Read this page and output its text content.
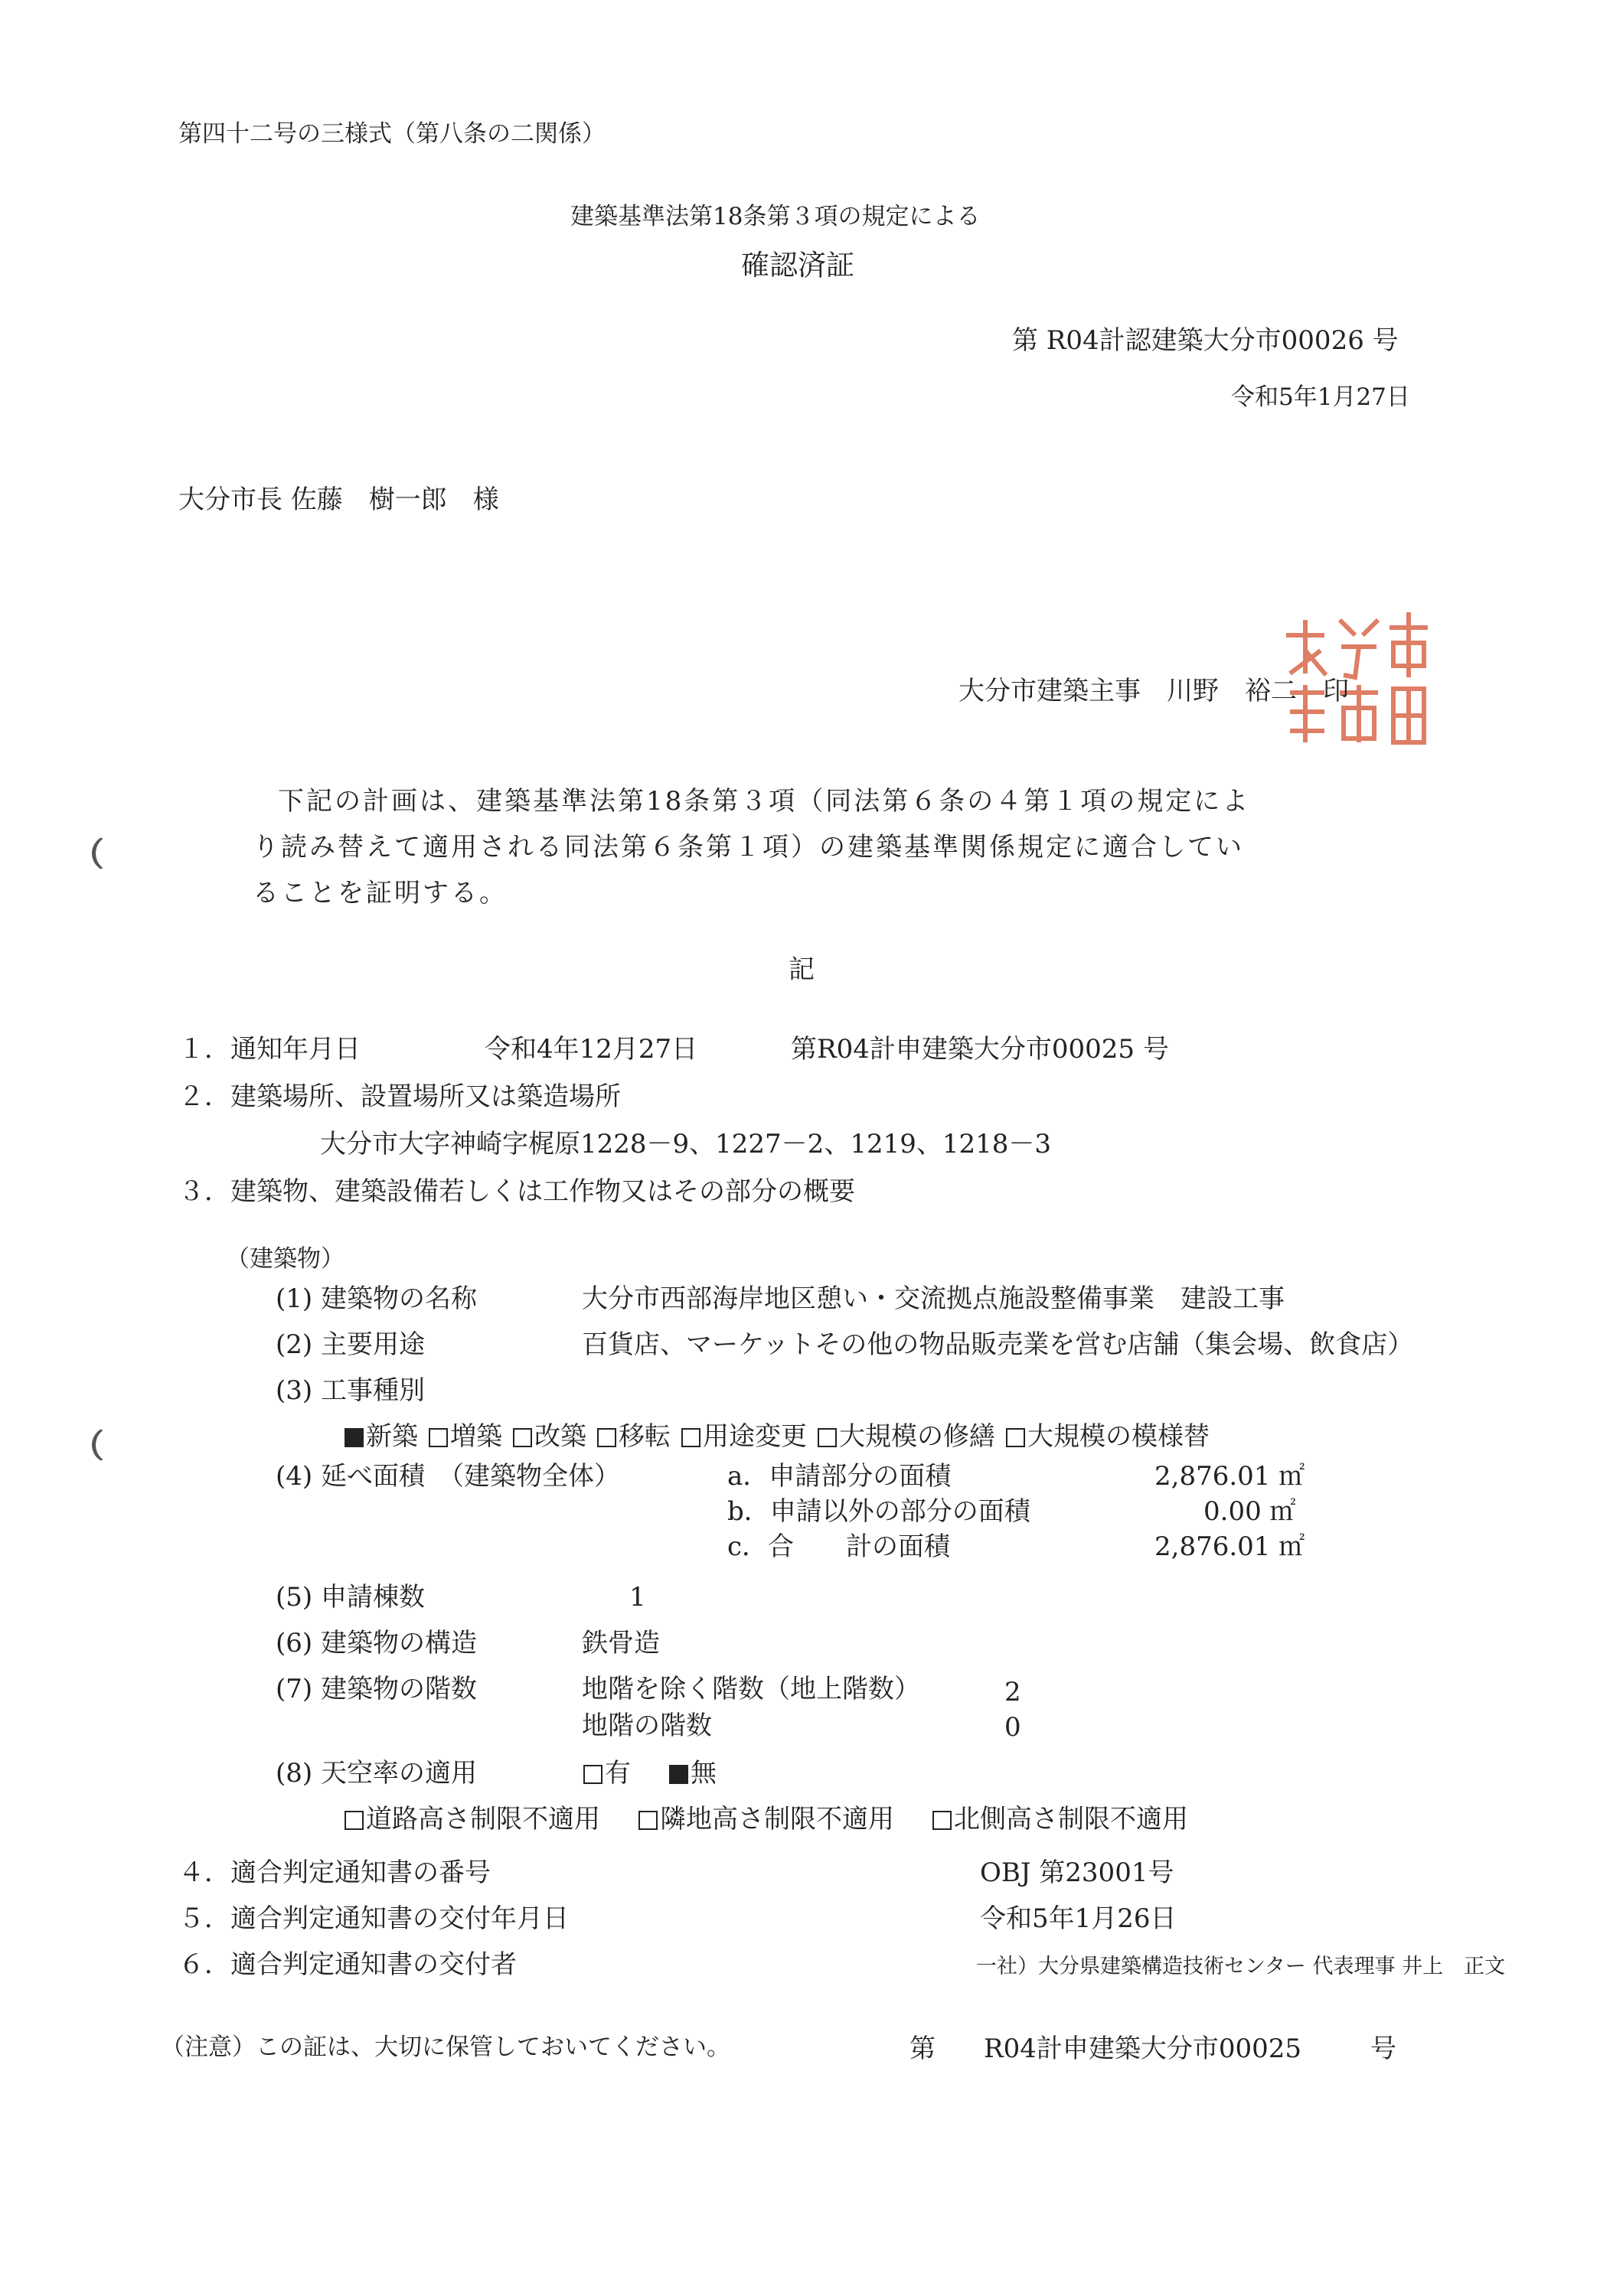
第四十二号の三様式（第八条の二関係）
建築基準法第18条第３項の規定による
確認済証
第 R04計認建築大分市00026 号
令和5年1月27日
大分市長 佐藤　樹一郎　様
大分市建築主事　川野　裕二　印
下記の計画は、建築基準法第18条第３項（同法第６条の４第１項の規定によ
り読み替えて適用される同法第６条第１項）の建築基準関係規定に適合してい
ることを証明する。
記
１．通知年月日	令和4年12月27日	第R04計申建築大分市00025 号
２．建築場所、設置場所又は築造場所
大分市大字神崎字梶原1228－9、1227－2、1219、1218－3
３．建築物、建築設備若しくは工作物又はその部分の概要
（建築物）
(1) 建築物の名称	大分市西部海岸地区憩い・交流拠点施設整備事業　建設工事
(2) 主要用途	百貨店、マーケットその他の物品販売業を営む店舗（集会場、飲食店）
(3) 工事種別
新築 増築 改築 移転 用途変更 大規模の修繕 大規模の模様替
(4) 延べ面積　（建築物全体）	a．申請部分の面積	2,876.01 ㎡
b．申請以外の部分の面積	0.00 ㎡
c．合　　計の面積	2,876.01 ㎡
(5) 申請棟数	1
(6) 建築物の構造	鉄骨造
(7) 建築物の階数	地階を除く階数（地上階数）	2
地階の階数	0
(8) 天空率の適用	有 無
道路高さ制限不適用 隣地高さ制限不適用 北側高さ制限不適用
４．適合判定通知書の番号	OBJ 第23001号
５．適合判定通知書の交付年月日	令和5年1月26日
６．適合判定通知書の交付者	一社）大分県建築構造技術センター 代表理事 井上　正文
（注意）この証は、大切に保管しておいてください。	第 R04計申建築大分市00025	号
